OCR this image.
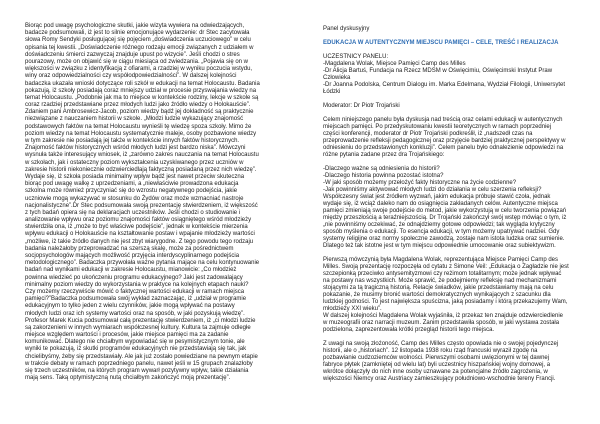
Biorąc pod uwagę psychologiczne skutki, jakie wizyta wywiera na odwiedzających,
badacze podsumowali, iż jest to silnie emocjonujące wydarzenie: dr Stec zacytowała
słowa Romy Sendyki posługującej się pojęciem „doświadczenia uczuciowego” w celu
opisania tej kwestii. „Doświadczenie różnego rodzaju emocji związanych z udziałem w
doświadczeniu śmierci zazwyczaj znajduje upust po wizycie”. Jeśli chodzi o stres
pourazowy, może on objawić się w ciągu miesiąca od zwiedzania. „Pojawia się on w
większości w związku z identyfikacją z ofiarami, a rzadziej w wyniku poczucia wstydu,
winy oraz odpowiedzialności czy współodpowiedzialności”. W dalszej kolejności
badaczka ukazała wnioski dotyczące roli szkół w edukacji na temat Holocaustu. Badania
pokazują, iż szkoły posiadają coraz mniejszy udział w procesie przyswajania wiedzy na
temat Holocaustu. „Podobnie jak ma to miejsce w kontekście rodziny, lekcje w szkole są
coraz rzadziej przedstawiane przez młodych ludzi jako źródło wiedzy o Holokauście”.
Zdaniem pani Ambrosewicz-Jacob, poziom wiedzy bądź jej dokładność są praktycznie
niezwiązane z nauczaniem historii w szkole. „Młodzi ludzie wykazujący znajomość
podstawowych faktów na temat Holocaustu wynieśli tę wiedzę spoza szkoły. Mimo że
poziom wiedzy na temat Holocaustu systematycznie maleje, osoby pozbawione wiedzy
w tym zakresie nie posiadają jej także w kontekście innych faktów historycznych.
Znajomość faktów historycznych wśród młodych ludzi jest bardzo niska”. Mówczyni
wysnuła także interesujący wniosek, iż „zarówno zakres nauczania na temat Holocaustu
w szkołach, jak i ostateczny poziom wykształcenia uzyskiwanego przez uczniów w
zakresie historii niekoniecznie odzwierciedlają faktyczną posiadaną przez nich wiedzę”.
Wydaje się, iż szkoła posiada minimalny wpływ bądź jest nawet przeciw skuteczna
biorąc pod uwagę walkę z uprzedzeniami, a „niewłaściwie prowadzona edukacja
szkolna może również przyczyniać się do wzrostu negatywnego podejścia, jakie
uczniowie mogą wykazywać w stosunku do Żydów oraz może wzmacniać nastroje
nacjonalistyczne”.Dr Stec podsumowała swoją prezentację stwierdzeniem, iż większość
z tych badań opiera się na deklaracjach uczestników. Jeśli chodzi o studiowanie i
analizowanie wpływu oraz poziomu znajomości faktów osiągniętego wśród młodzieży
stwierdziła ona, iż „może to być właściwe podejście”, jednak w kontekście mierzenia
wpływu edukacji o Holokauście na kształtowanie postaw i wpajanie młodzieży wartości
„możliwe, iż takie źródło danych nie jest zbyt wiarygodne. Z tego powodu tego rodzaju
badania należałoby przeprowadzać na szerszą skalę, może za pośrednictwem
socjopsychologów mających możliwość przyjęcia interdyscyplinarnego podejścia
metodologicznego”. Badaczka przywołała ważne pytania mające na celu kontynuowanie
badań nad wynikami edukacji w zakresie Holocaustu, mianowicie: „Co młodzież
powinna wiedzieć po ukończeniu programu edukacyjnego? Jaki jest zadowalający
minimalny poziom wiedzy do wykorzystania w praktyce na kolejnych etapach nauki?
Czy możemy rzeczywiście mówić o faktycznej wartości edukacji w ramach miejsca
pamięci?”Badaczka podsumowała swój wykład zaznaczając, iż „udział w programie
edukacyjnym to tylko jeden z wielu czynników, jakie mogą wpływać na postawy
młodych ludzi oraz ich systemy wartości oraz na sposób, w jaki pozyskują wiedzę”.
Profesor Marek Kucia podsumował całą prezentację stwierdzeniem, iż „ci młodzi ludzie
są zakorzenieni w innych wymiarach współczesnej kultury. Kultura ta zajmuje odległe
miejsce względem wartości i procesów, jakie miejsce pamięci ma za zadanie
komunikować. Dlatego nie chciałbym wypowiadać się w pesymistycznym tonie, ale
wyniki te pokazują, iż skutki programów edukacyjnych nie przedstawiają się tak, jak
chcielibyśmy, żeby się przedstawiały. Ale jak już zostało powiedziane na pewnym etapie
w trakcie debaty w ramach poprzedniego panelu, nawet jeśli w 15 grupach znalazłoby
się trzech uczestników, na których program wywarł pozytywny wpływ, takie działania
mają sens. Taką optymistyczną nutą chciałbym zakończyć moją prezentację”.
Panel dyskusyjny
EDUKACJA W AUTENTYCZNYM MIEJSCU PAMIĘCI – CELE, TREŚĆ I REALIZACJA
UCZESTNICY PANELU:
-Magdalena Wolak, Miejsce Pamięci Camp des Milles
-Dr Alicja Bartuś, Fundacja na Rzecz MDSM w Oświęcimiu, Oświęcimski Instytut Praw
Człowieka
-Dr Joanna Podolska, Centrum Dialogu im. Marka Edelmana, Wydział Filologii, Uniwersytet
Łódzki
Moderator: Dr Piotr Trojański
Celem niniejszego panelu była dyskusja nad treścią oraz celami edukacji w autentycznych
miejscach pamięci. Po przedyskutowaniu kwestii teoretycznych w ramach poprzedniej
części konferencji, moderator dr Piotr Trojański podkreślił, iż „nadszedł czas na
przeprowadzenie refleksji pedagogicznej oraz przyjęcie bardziej praktycznej perspektywy w
odniesieniu do przedstawionych konkluzji”. Celem panelu było odnalezienie odpowiedzi na
różne pytania zadane przez dra Trojańskiego:
-Dlaczego ważne są odniesienia do historii?
-Dlaczego historia powinna pozostać istotna?
-W jaki sposób możemy przełożyć fakty historyczne na życie codzienne?
-Jak powinniśmy aktywować młodych ludzi do działania w celu szerzenia refleksji?
Współczesny świat jest źródłem wyzwań, jakim edukacja próbuje stawić czoła, jednak
wydaje się, iż wciąż daleko nam do osiągnięcia zakładanych celów. Autentyczne miejsca
pamięci zmieniają swoje podejście do metod, jakie wykorzystują w celu tworzenia powiązań
między przeszłością a teraźniejszością. Dr Trojański zakończył swój wstęp mówiąc o tym, iż
„nie powinniśmy oczekiwać, że odnajdziemy gotowe odpowiedzi; tak wygląda krytyczny
sposób myślenia o edukacji. To esencja edukacji, w tym możemy upatrywać nadziei. Gdy
systemy religijne oraz normy społeczne zawodzą, zostaje nam istota ludzka oraz sumienie.
Dlatego też tak istotne jest w tym miejscu odpowiednie umocowanie oraz subiektywizm.
Pierwszą mówczynią była Magdalena Wolak, reprezentująca Miejsce Pamięci Camp des
Milles. Swoją prezentację rozpoczęła od cytatu z Simone Veil: „Edukacja o Zagładzie nie jest
szczepionką przeciwko antysemityzmowi czy reżimom totalitarnym; może jednak wpływać
na postawy nas wszystkich. Może sprawić, że podejmiemy refleksję nad mechanizmami
stojącymi za tą tragiczną historią. Relacje świadków, jakie przedstawiamy mają na celu
pokazanie, że musimy bronić wartości demokratycznych wynikających z szacunku dla
ludzkiej godności. To jest największa spuścizna, jaką posiadamy i którą przekazujemy Wam,
młodzieży XXI wieku”.
W dalszej kolejności Magdalena Wolak wyjaśniła, iż przekaz ten znajduje odzwierciedlenie
w muzeografii oraz narracji muzeum. Zanim przedstawiła sposób, w jaki wystawa została
podzielona, zaprezentowała krótki przegląd historii tego miejsca.
Z uwagi na swoją złożoność, Camp des Milles często opowiada nie o swojej pojedynczej
historii, ale o „historiach”. 12 listopada 1938 roku rząd francuski wyraził zgodę na
pozbawianie cudzoziemców wolności. Pierwszymi osobami uwięzionymi w tej dawnej
fabryce płytek (zamkniętej od wielu lat) byli uczestnicy hiszpańskiej wojny domowej, a
wkrótce dołączyły do nich inne osoby uznawane za potencjalne źródło zagrożenia, w
większości Niemcy oraz Austriacy zamieszkujący południowo-wschodnie tereny Francji.
